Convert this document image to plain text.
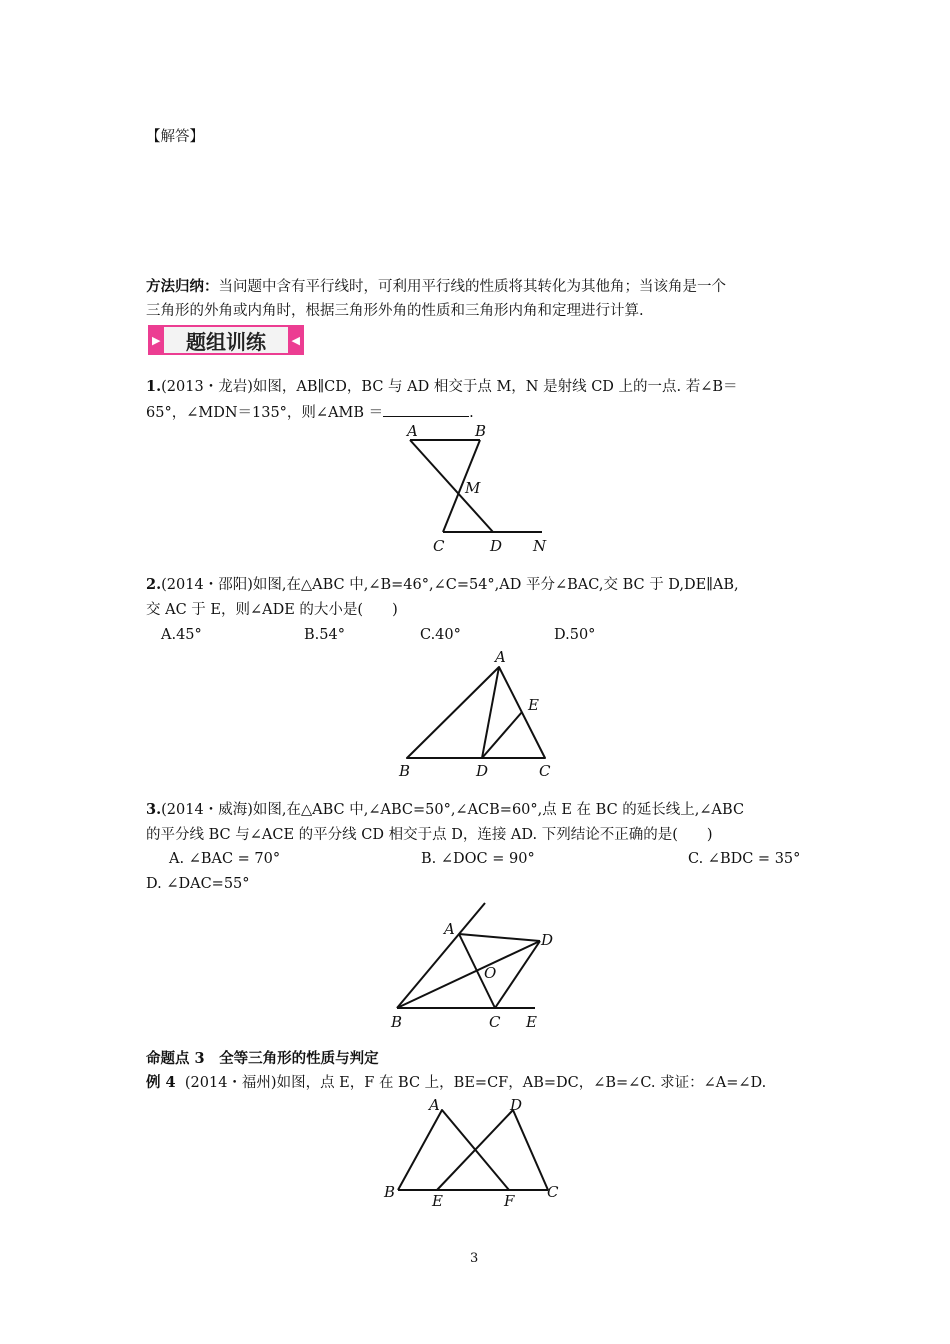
【解答】
方法归纳：当问题中含有平行线时，可利用平行线的性质将其转化为其他角；当该角是一个
三角形的外角或内角时，根据三角形外角的性质和三角形内角和定理进行计算.
▶	题组训练	◀
1.(2013・龙岩)如图，AB∥CD，BC 与 AD 相交于点 M，N 是射线 CD 上的一点. 若∠B＝
65°，∠MDN＝135°，则∠AMB ＝	.
A	B
M
C	D N
2.(2014・邵阳)如图,在△ABC 中,∠B=46°,∠C=54°,AD 平分∠BAC,交 BC 于 D,DE∥AB,
交 AC 于 E，则∠ADE 的大小是(　　)
A.45°	B.54°	C.40°	D.50°
A
E
B	D	C
3.(2014・威海)如图,在△ABC 中,∠ABC=50°,∠ACB=60°,点 E 在 BC 的延长线上,∠ABC
的平分线 BC 与∠ACE 的平分线 CD 相交于点 D，连接 AD. 下列结论不正确的是(　　)
A. ∠BAC = 70°	B. ∠DOC = 90°	C. ∠BDC = 35°
D. ∠DAC=55°
A
D
O
B	C E
命题点 3　全等三角形的性质与判定
例 4 (2014・福州)如图，点 E，F 在 BC 上，BE=CF，AB=DC，∠B=∠C. 求证：∠A=∠D.
A	D
B E	F C
3
